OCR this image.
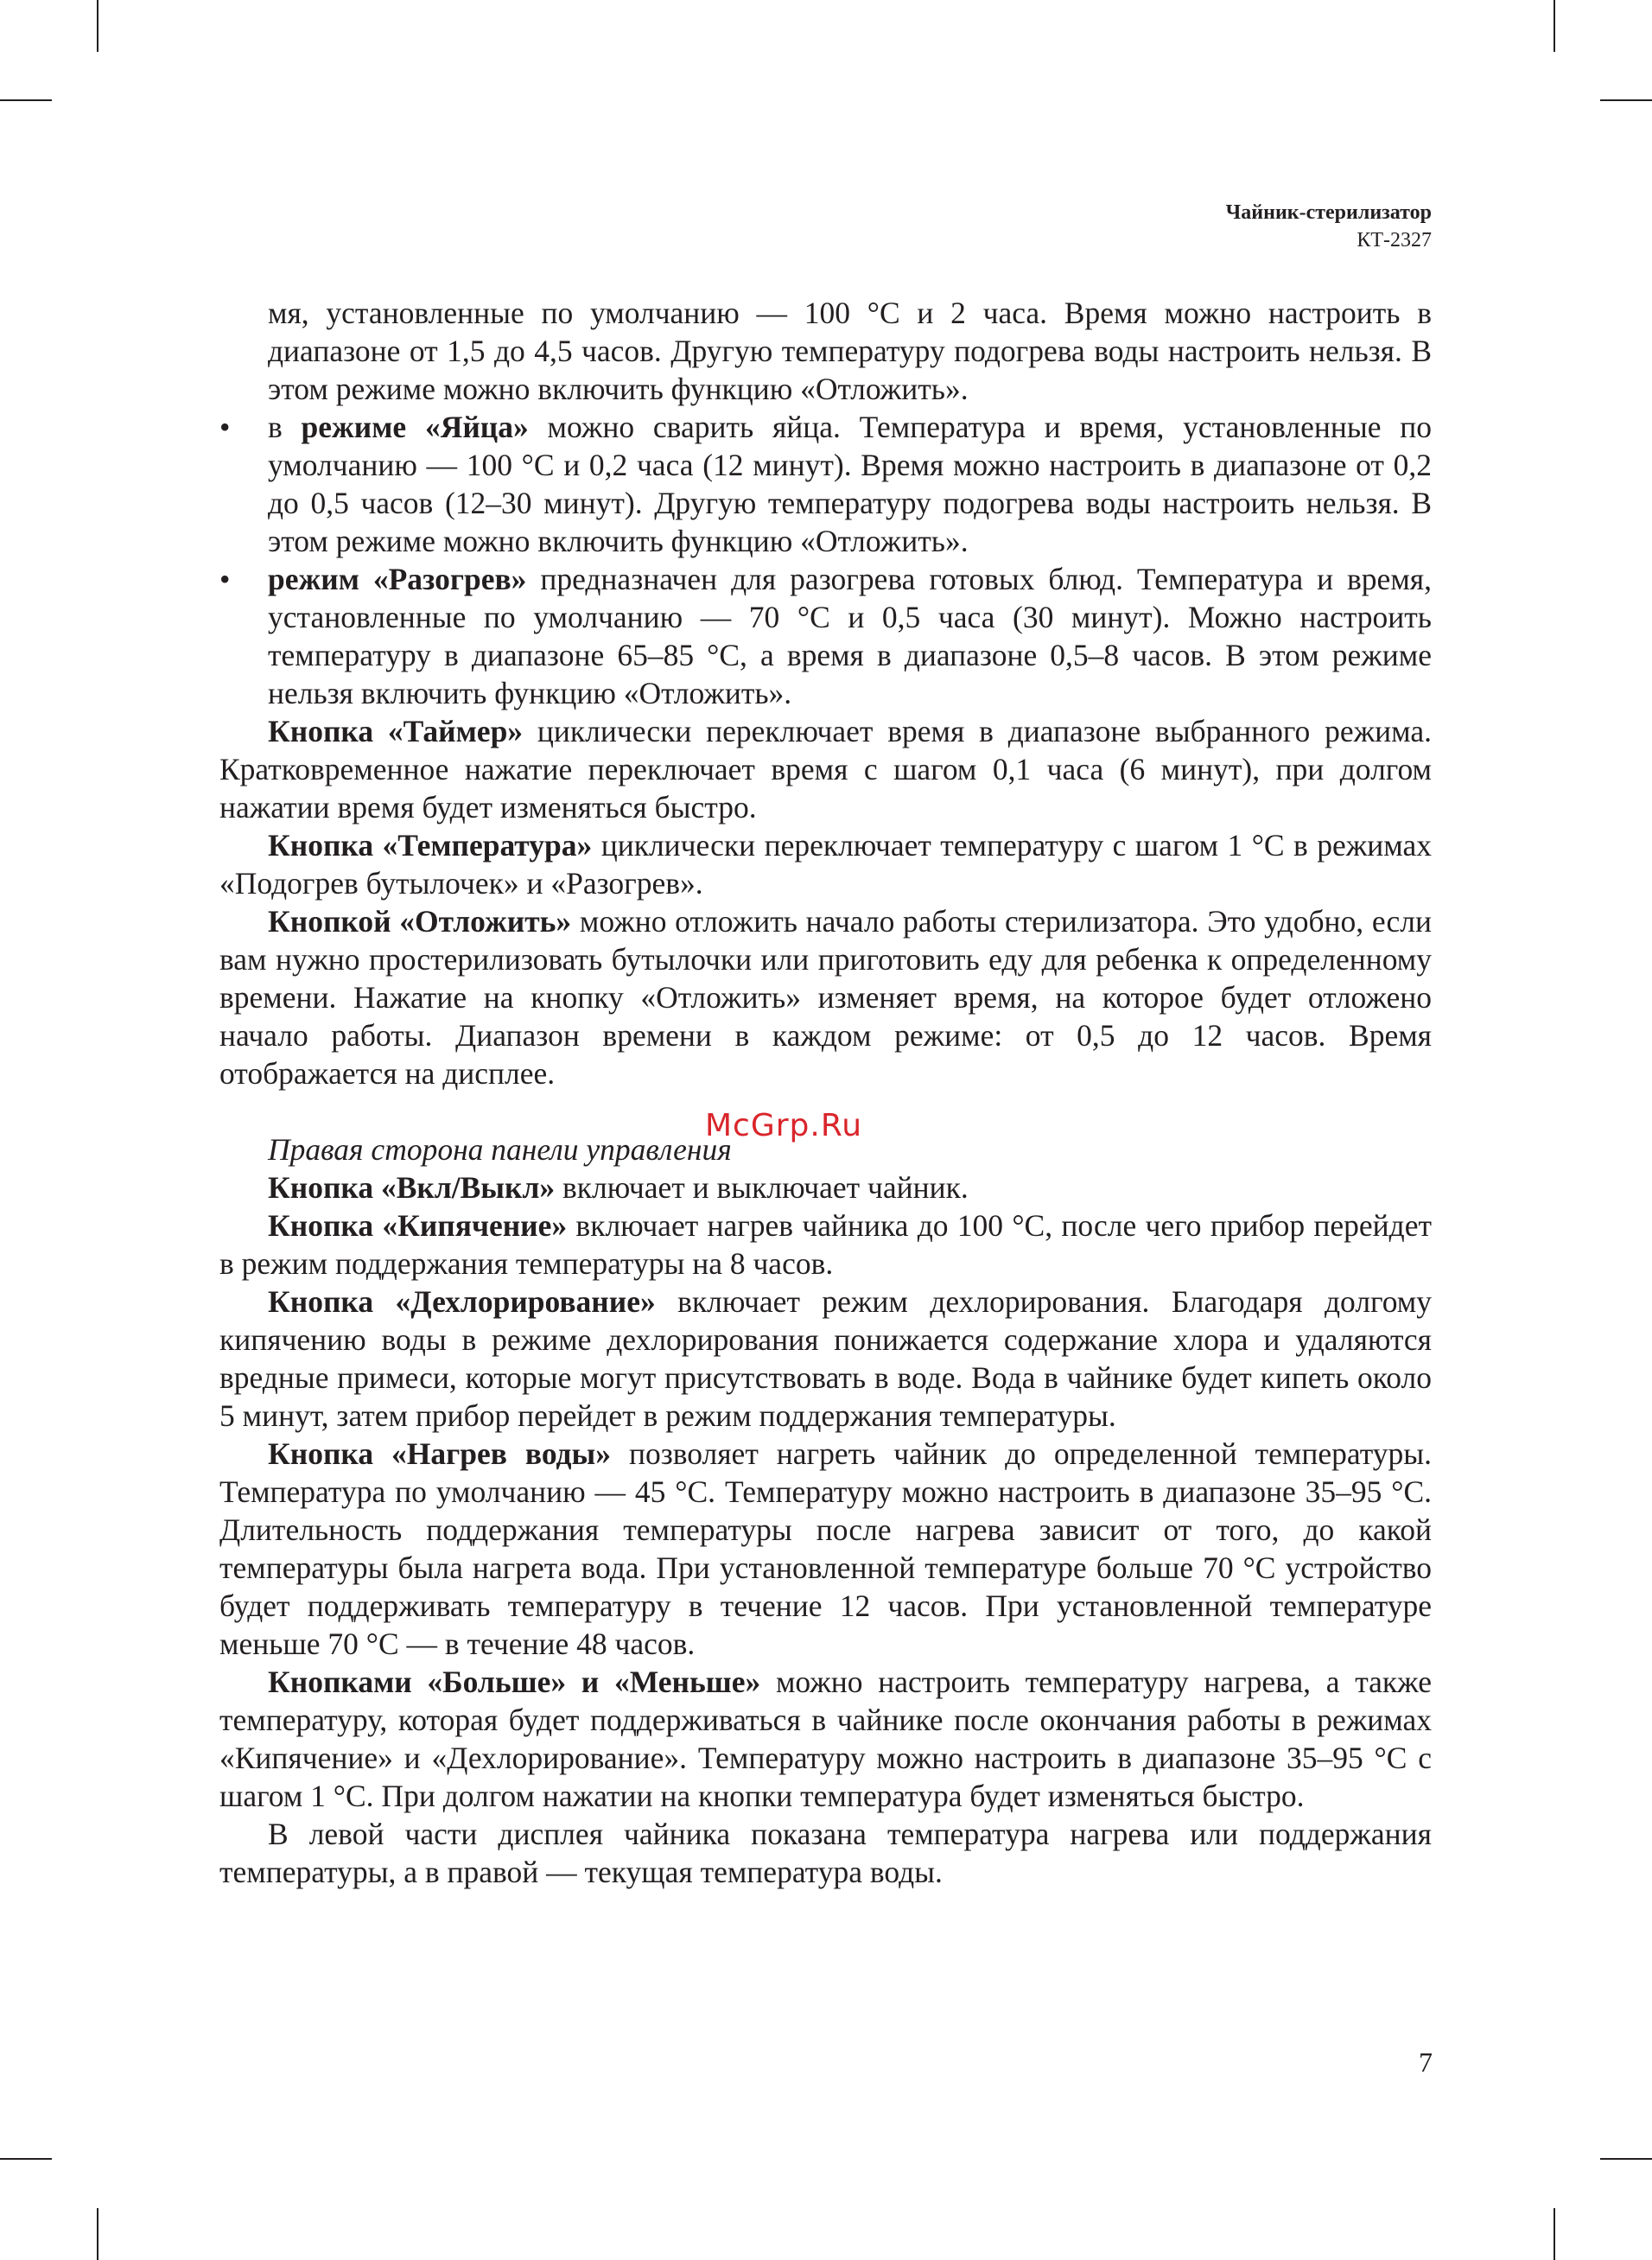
Чайник-стерилизатор
КТ-2327

мя, установленные по умолчанию — 100 °С и 2 часа. Время можно настроить в диапазоне от 1,5 до 4,5 часов. Другую температуру подогрева воды настроить нельзя. В этом режиме можно включить функцию «Отложить».

• в режиме «Яйца» можно сварить яйца. Температура и время, установленные по умолчанию — 100 °С и 0,2 часа (12 минут). Время можно настроить в диапазоне от 0,2 до 0,5 часов (12–30 минут). Другую температуру подогрева воды настроить нельзя. В этом режиме можно включить функцию «Отложить».

• режим «Разогрев» предназначен для разогрева готовых блюд. Температура и время, установленные по умолчанию — 70 °С и 0,5 часа (30 минут). Можно настроить температуру в диапазоне 65–85 °С, а время в диапазоне 0,5–8 часов. В этом режиме нельзя включить функцию «Отложить».

Кнопка «Таймер» циклически переключает время в диапазоне выбранного режима. Кратковременное нажатие переключает время с шагом 0,1 часа (6 минут), при долгом нажатии время будет изменяться быстро.

Кнопка «Температура» циклически переключает температуру с шагом 1 °С в режимах «Подогрев бутылочек» и «Разогрев».

Кнопкой «Отложить» можно отложить начало работы стерилизатора. Это удобно, если вам нужно простерилизовать бутылочки или приготовить еду для ребенка к определенному времени. Нажатие на кнопку «Отложить» изменяет время, на которое будет отложено начало работы. Диапазон времени в каждом режиме: от 0,5 до 12 часов. Время отображается на дисплее.

Правая сторона панели управления

Кнопка «Вкл/Выкл» включает и выключает чайник.

Кнопка «Кипячение» включает нагрев чайника до 100 °С, после чего прибор перейдет в режим поддержания температуры на 8 часов.

Кнопка «Дехлорирование» включает режим дехлорирования. Благодаря долгому кипячению воды в режиме дехлорирования понижается содержание хлора и удаляются вредные примеси, которые могут присутствовать в воде. Вода в чайнике будет кипеть около 5 минут, затем прибор перейдет в режим поддержания температуры.

Кнопка «Нагрев воды» позволяет нагреть чайник до определенной температуры. Температура по умолчанию — 45 °С. Температуру можно настроить в диапазоне 35–95 °С. Длительность поддержания температуры после нагрева зависит от того, до какой температуры была нагрета вода. При установленной температуре больше 70 °С устройство будет поддерживать температуру в течение 12 часов. При установленной температуре меньше 70 °С — в течение 48 часов.

Кнопками «Больше» и «Меньше» можно настроить температуру нагрева, а также температуру, которая будет поддерживаться в чайнике после окончания работы в режимах «Кипячение» и «Дехлорирование». Температуру можно настроить в диапазоне 35–95 °С с шагом 1 °С. При долгом нажатии на кнопки температура будет изменяться быстро.

В левой части дисплея чайника показана температура нагрева или поддержания температуры, а в правой — текущая температура воды.

McGrp.Ru
7
